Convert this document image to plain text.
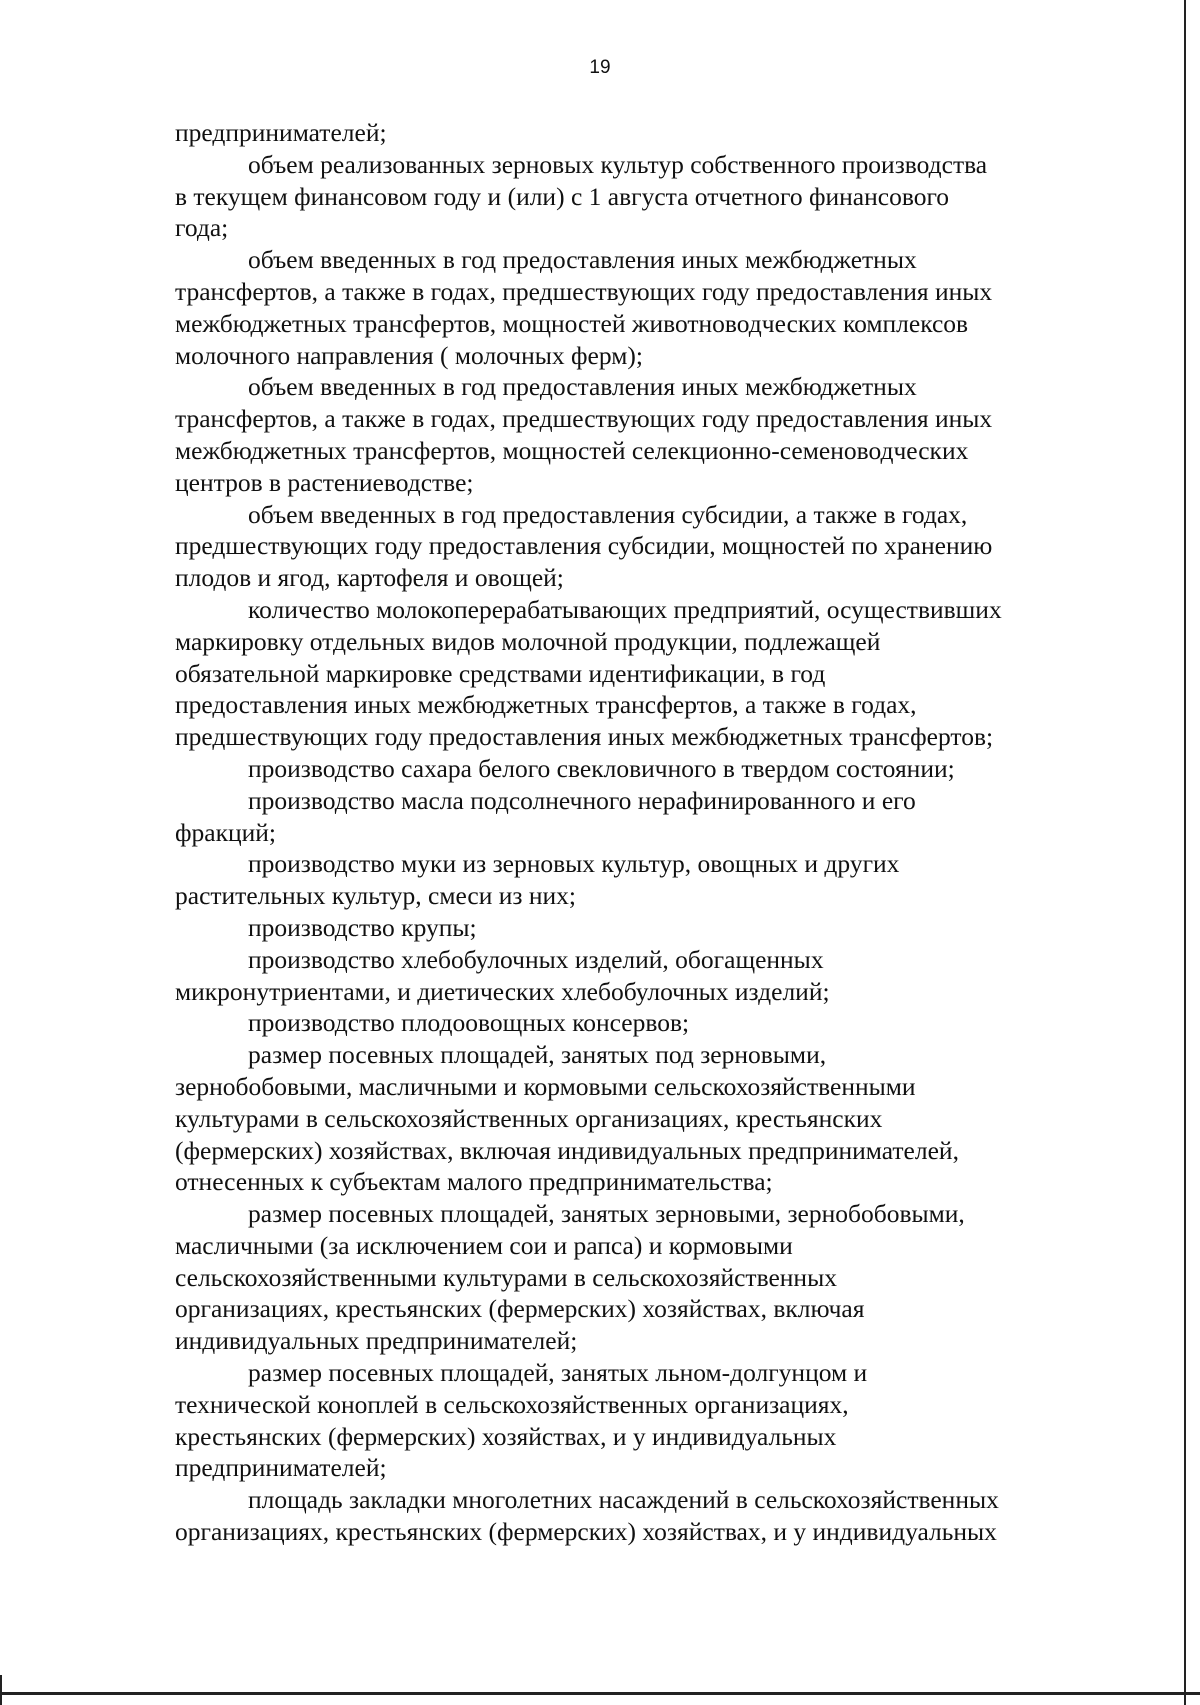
19

предпринимателей;

объем реализованных зерновых культур собственного производства
в текущем финансовом году и (или) с 1 августа отчетного финансового
года;

объем введенных в год предоставления иных межбюджетных
трансфертов, а также в годах, предшествующих году предоставления иных
межбюджетных трансфертов, мощностей животноводческих комплексов
молочного направления ( молочных ферм);

объем введенных в год предоставления иных межбюджетных
трансфертов, а также в годах, предшествующих году предоставления иных
межбюджетных трансфертов, мощностей селекционно-семеноводческих
центров в растениеводстве;

объем введенных в год предоставления субсидии, а также в годах,
предшествующих году предоставления субсидии, мощностей по хранению
плодов и ягод, картофеля и овощей;

количество молокоперерабатывающих предприятий, осуществивших
маркировку отдельных видов молочной продукции, подлежащей
обязательной маркировке средствами идентификации, в год
предоставления иных межбюджетных трансфертов, а также в годах,
предшествующих году предоставления иных межбюджетных трансфертов;

производство сахара белого свекловичного в твердом состоянии;

производство масла подсолнечного нерафинированного и его
фракций;

производство муки из зерновых культур, овощных и других
растительных культур, смеси из них;

производство крупы;

производство хлебобулочных изделий, обогащенных
микронутриентами, и диетических хлебобулочных изделий;

производство плодоовощных консервов;

размер посевных площадей, занятых под зерновыми,
зернобобовыми, масличными и кормовыми сельскохозяйственными
культурами в сельскохозяйственных организациях, крестьянских
(фермерских) хозяйствах, включая индивидуальных предпринимателей,
отнесенных к субъектам малого предпринимательства;

размер посевных площадей, занятых зерновыми, зернобобовыми,
масличными (за исключением сои и рапса) и кормовыми
сельскохозяйственными культурами в сельскохозяйственных
организациях, крестьянских (фермерских) хозяйствах, включая
индивидуальных предпринимателей;

размер посевных площадей, занятых льном-долгунцом и
технической коноплей в сельскохозяйственных организациях,
крестьянских (фермерских) хозяйствах, и у индивидуальных
предпринимателей;

площадь закладки многолетних насаждений в сельскохозяйственных
организациях, крестьянских (фермерских) хозяйствах, и у индивидуальных
